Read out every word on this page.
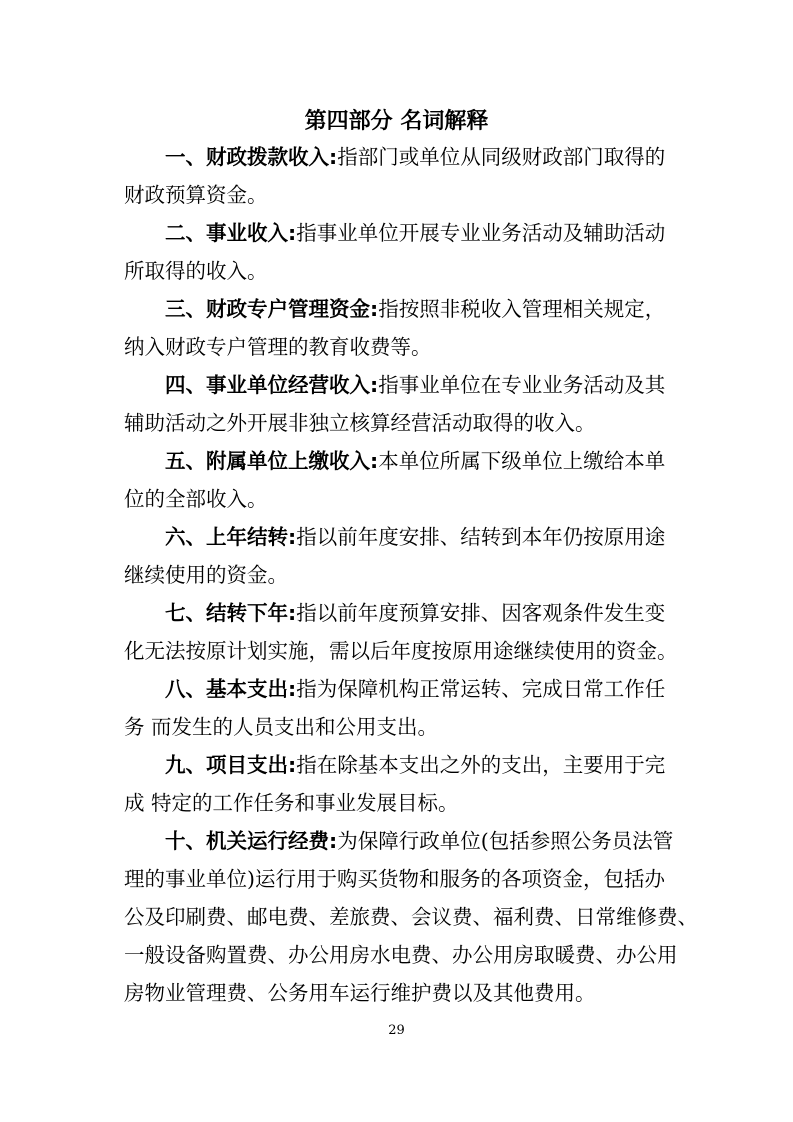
第四部分 名词解释
一、财政拨款收入:指部门或单位从同级财政部门取得的
财政预算资金。
二、事业收入:指事业单位开展专业业务活动及辅助活动
所取得的收入。
三、财政专户管理资金:指按照非税收入管理相关规定，
纳入财政专户管理的教育收费等。
四、事业单位经营收入:指事业单位在专业业务活动及其
辅助活动之外开展非独立核算经营活动取得的收入。
五、附属单位上缴收入:本单位所属下级单位上缴给本单
位的全部收入。
六、上年结转:指以前年度安排、结转到本年仍按原用途
继续使用的资金。
七、结转下年:指以前年度预算安排、因客观条件发生变
化无法按原计划实施，需以后年度按原用途继续使用的资金。
八、基本支出:指为保障机构正常运转、完成日常工作任
务 而发生的人员支出和公用支出。
九、项目支出:指在除基本支出之外的支出，主要用于完
成 特定的工作任务和事业发展目标。
十、机关运行经费:为保障行政单位(包括参照公务员法管
理的事业单位)运行用于购买货物和服务的各项资金，包括办
公及印刷费、邮电费、差旅费、会议费、福利费、日常维修费、
一般设备购置费、办公用房水电费、办公用房取暖费、办公用
房物业管理费、公务用车运行维护费以及其他费用。
29
